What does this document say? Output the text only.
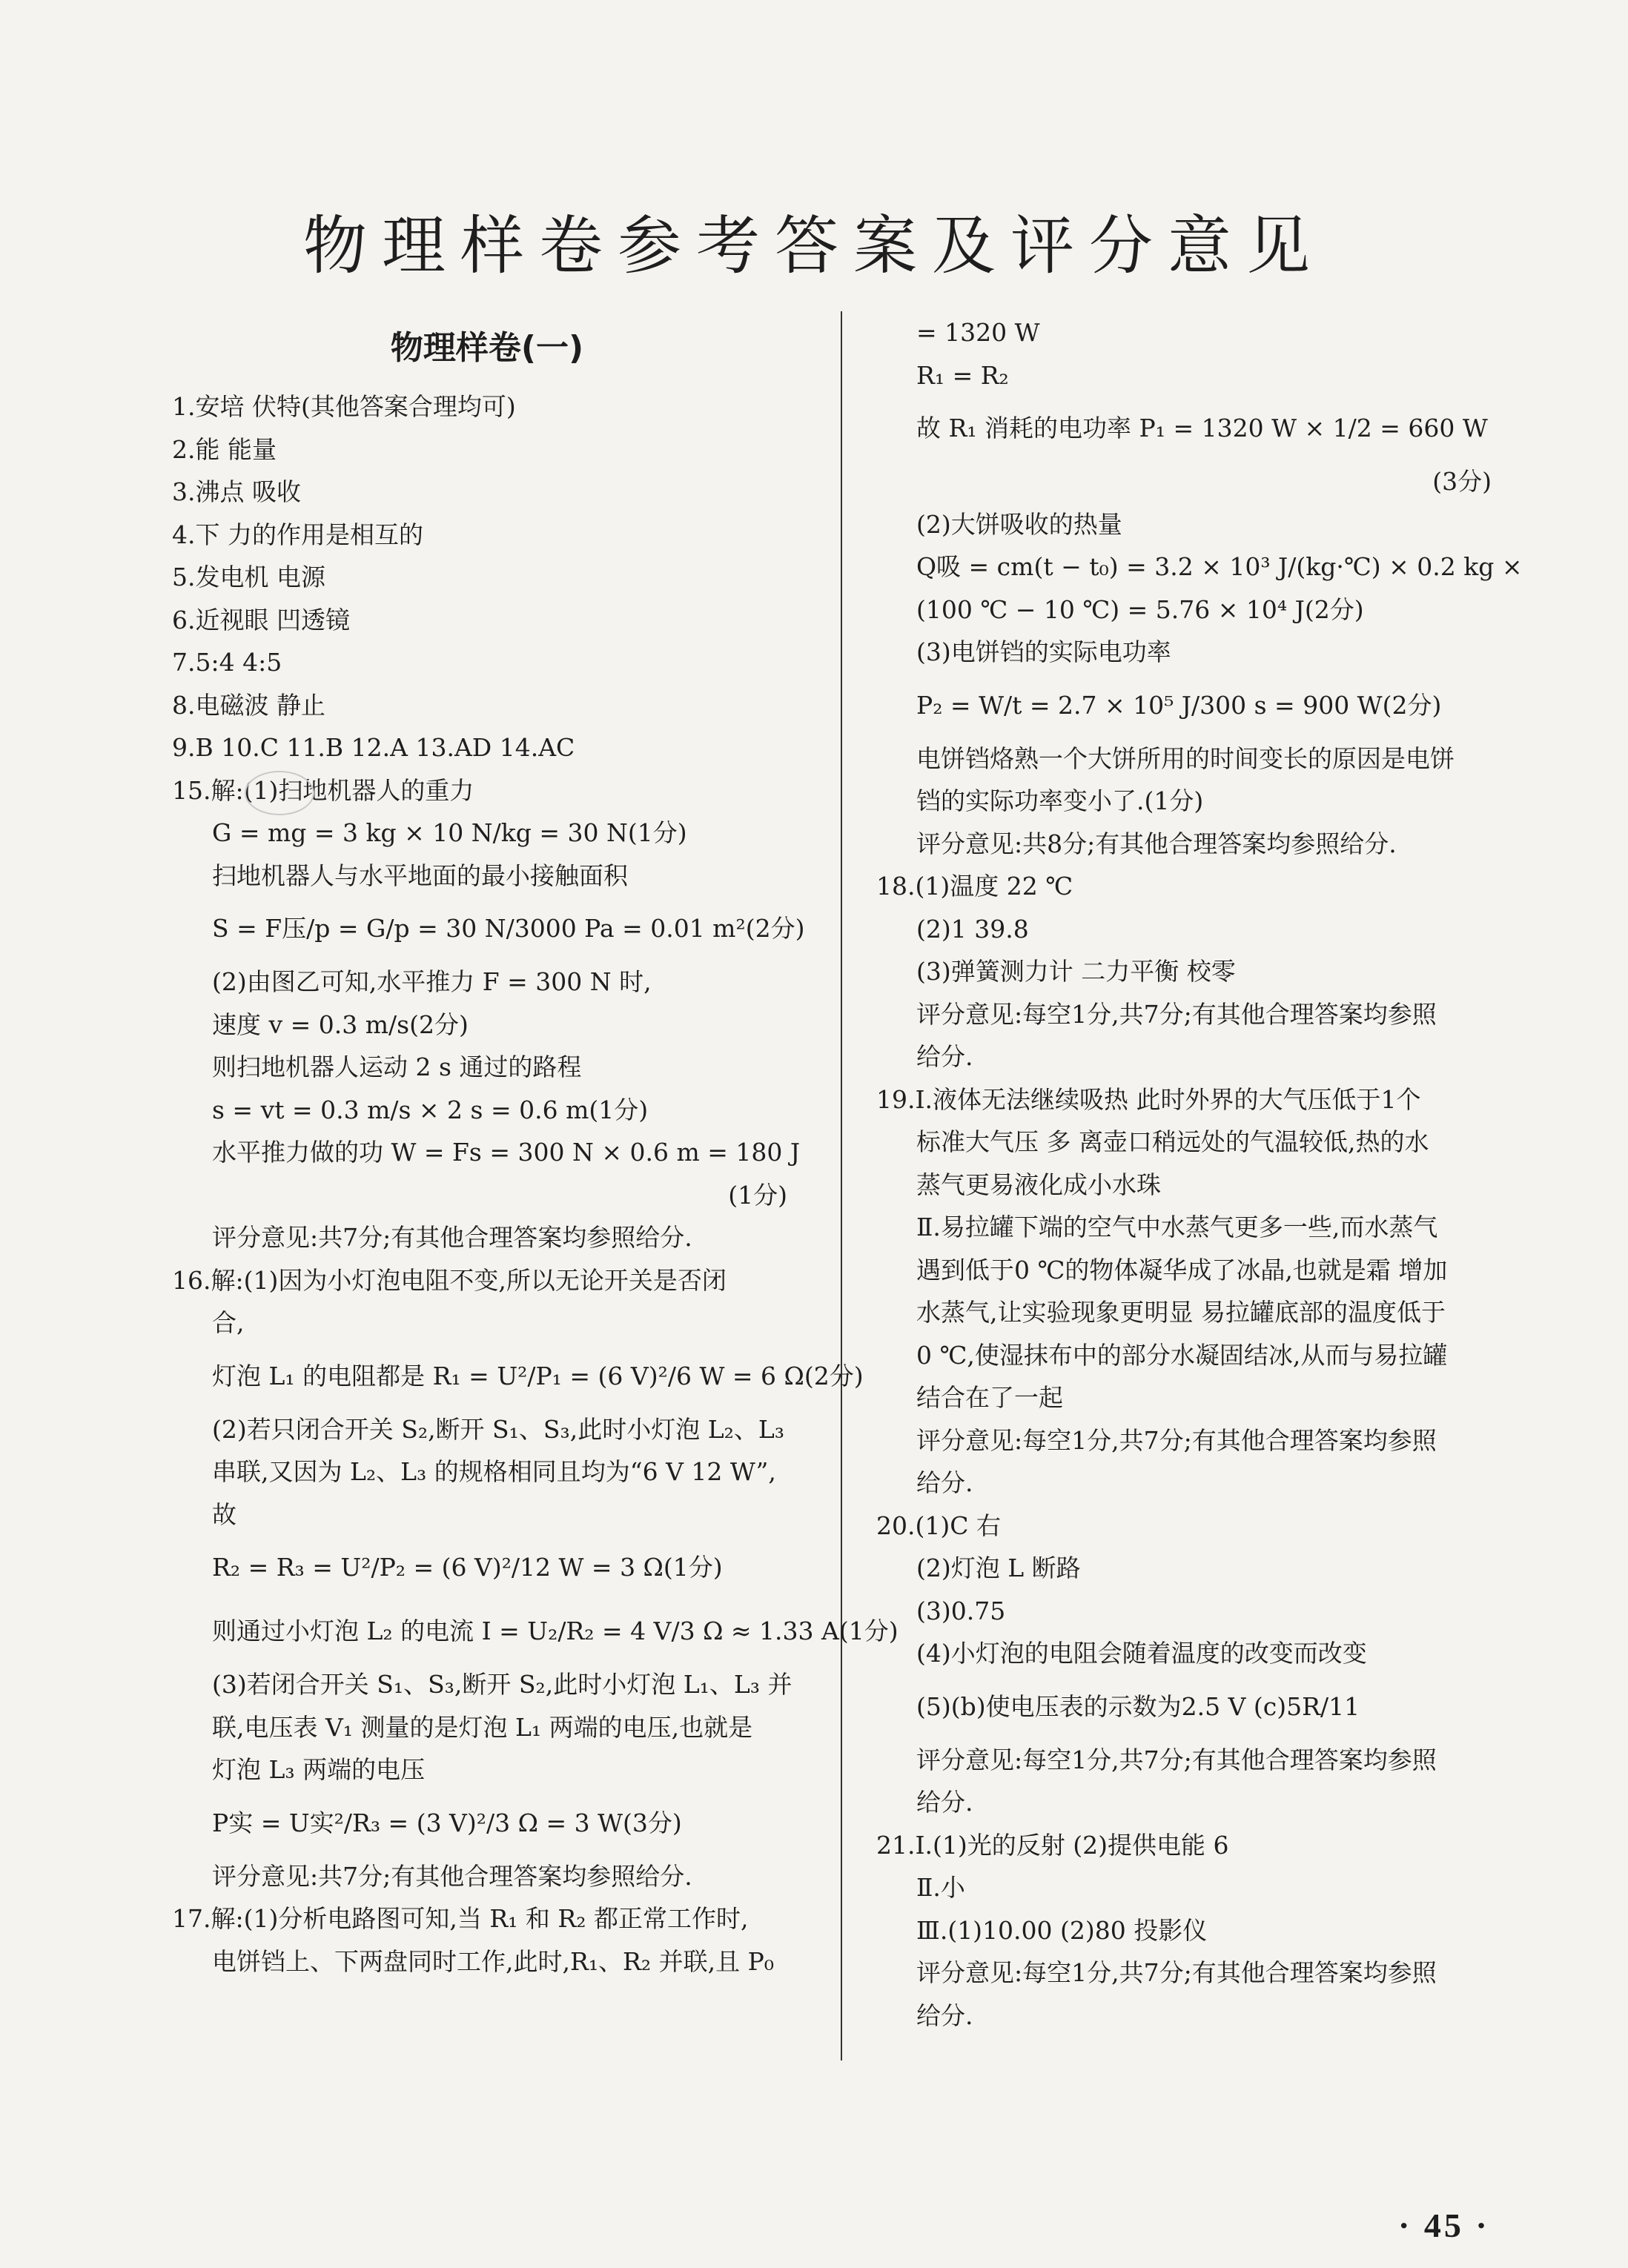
物理样卷参考答案及评分意见
物理样卷(一)
1.安培 伏特(其他答案合理均可)
2.能 能量
3.沸点 吸收
4.下 力的作用是相互的
5.发电机 电源
6.近视眼 凹透镜
7.5:4 4:5
8.电磁波 静止
9.B 10.C 11.B 12.A 13.AD 14.AC
15.解:(1)扫地机器人的重力
G = mg = 3 kg × 10 N/kg = 30 N(1分)
扫地机器人与水平地面的最小接触面积
S = F压/p = G/p = 30 N/3000 Pa = 0.01 m²(2分)
(2)由图乙可知,水平推力 F = 300 N 时,
速度 v = 0.3 m/s(2分)
则扫地机器人运动 2 s 通过的路程
s = vt = 0.3 m/s × 2 s = 0.6 m(1分)
水平推力做的功 W = Fs = 300 N × 0.6 m = 180 J
(1分)
评分意见:共7分;有其他合理答案均参照给分.
16.解:(1)因为小灯泡电阻不变,所以无论开关是否闭
合,
灯泡 L₁ 的电阻都是 R₁ = U²/P₁ = (6 V)²/6 W = 6 Ω(2分)
(2)若只闭合开关 S₂,断开 S₁、S₃,此时小灯泡 L₂、L₃
串联,又因为 L₂、L₃ 的规格相同且均为“6 V 12 W”,
故
R₂ = R₃ = U²/P₂ = (6 V)²/12 W = 3 Ω(1分)
则通过小灯泡 L₂ 的电流 I = U₂/R₂ = 4 V/3 Ω ≈ 1.33 A(1分)
(3)若闭合开关 S₁、S₃,断开 S₂,此时小灯泡 L₁、L₃ 并
联,电压表 V₁ 测量的是灯泡 L₁ 两端的电压,也就是
灯泡 L₃ 两端的电压
P实 = U实²/R₃ = (3 V)²/3 Ω = 3 W(3分)
评分意见:共7分;有其他合理答案均参照给分.
17.解:(1)分析电路图可知,当 R₁ 和 R₂ 都正常工作时,
电饼铛上、下两盘同时工作,此时,R₁、R₂ 并联,且 P₀
= 1320 W
R₁ = R₂
故 R₁ 消耗的电功率 P₁ = 1320 W × 1/2 = 660 W
(3分)
(2)大饼吸收的热量
Q吸 = cm(t − t₀) = 3.2 × 10³ J/(kg·℃) × 0.2 kg ×
(100 ℃ − 10 ℃) = 5.76 × 10⁴ J(2分)
(3)电饼铛的实际电功率
P₂ = W/t = 2.7 × 10⁵ J/300 s = 900 W(2分)
电饼铛烙熟一个大饼所用的时间变长的原因是电饼
铛的实际功率变小了.(1分)
评分意见:共8分;有其他合理答案均参照给分.
18.(1)温度 22 ℃
(2)1 39.8
(3)弹簧测力计 二力平衡 校零
评分意见:每空1分,共7分;有其他合理答案均参照
给分.
19.Ⅰ.液体无法继续吸热 此时外界的大气压低于1个
标准大气压 多 离壶口稍远处的气温较低,热的水
蒸气更易液化成小水珠
Ⅱ.易拉罐下端的空气中水蒸气更多一些,而水蒸气
遇到低于0 ℃的物体凝华成了冰晶,也就是霜 增加
水蒸气,让实验现象更明显 易拉罐底部的温度低于
0 ℃,使湿抹布中的部分水凝固结冰,从而与易拉罐
结合在了一起
评分意见:每空1分,共7分;有其他合理答案均参照
给分.
20.(1)C 右
(2)灯泡 L 断路
(3)0.75
(4)小灯泡的电阻会随着温度的改变而改变
(5)(b)使电压表的示数为2.5 V (c)5R/11
评分意见:每空1分,共7分;有其他合理答案均参照
给分.
21.Ⅰ.(1)光的反射 (2)提供电能 6
Ⅱ.小
Ⅲ.(1)10.00 (2)80 投影仪
评分意见:每空1分,共7分;有其他合理答案均参照
给分.
· 45 ·
